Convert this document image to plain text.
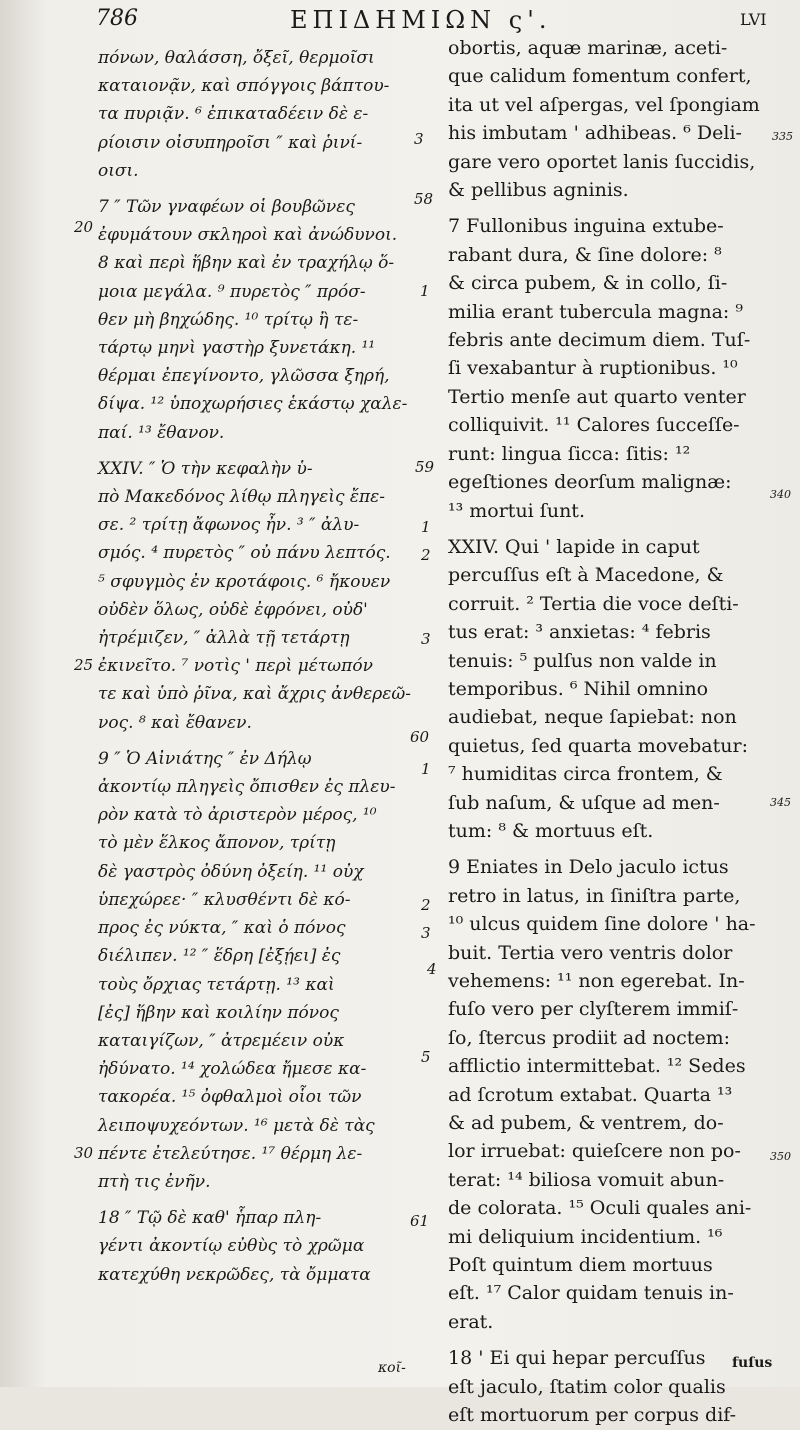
786	ΕΠΙΔΗΜΙΩΝ ς'.	LVI

πόνων, θαλάσση, ὄξεῖ, θερμοῖσι

καταιονᾷν, καὶ σπόγγοις βάπτου-

τα πυριᾷν. ⁶ ἐπικαταδέειν δὲ ε-

ρίοισιν οἰσυπηροῖσι ″ καὶ ῥινί-

οισι.

7 ″ Τῶν γναφέων οἱ βουβῶνες

ἐφυμάτουν σκληροὶ καὶ ἀνώδυνοι.

8 καὶ περὶ ἥβην καὶ ἐν τραχήλῳ ὅ-

μοια μεγάλα. ⁹ πυρετὸς ″ πρόσ-

θεν μὴ βηχώδης. ¹⁰ τρίτῳ ἢ τε-

τάρτῳ μηνὶ γαστὴρ ξυνετάκη. ¹¹

θέρμαι ἐπεγίνοντο, γλῶσσα ξηρή,

δίψα. ¹² ὑποχωρήσιες ἑκάστῳ χαλε-

παί. ¹³ ἔθανον.

XXIV. ″ Ὁ τὴν κεφαλὴν ὑ-

πὸ Μακεδόνος λίθῳ πληγεὶς ἔπε-

σε. ² τρίτῃ ἄφωνος ἦν. ³ ″ ἀλυ-

σμός. ⁴ πυρετὸς ″ οὐ πάνυ λεπτός.

⁵ σφυγμὸς ἐν κροτάφοις. ⁶ ἤκουεν

οὐδὲν ὅλως, οὐδὲ ἐφρόνει, οὐδ'

ἠτρέμιζεν, ″ ἀλλὰ τῇ τετάρτῃ

ἐκινεῖτο. ⁷ νοτὶς ' περὶ μέτωπόν

τε καὶ ὑπὸ ῥῖνα, καὶ ἄχρις ἀνθερεῶ-

νος. ⁸ καὶ ἔθανεν.

9 ″ Ὁ Αἰνιάτης ″ ἐν Δήλῳ

ἀκοντίῳ πληγεὶς ὄπισθεν ἐς πλευ-

ρὸν κατὰ τὸ ἀριστερὸν μέρος, ¹⁰

τὸ μὲν ἕλκος ἄπονον, τρίτῃ

δὲ γαστρὸς ὀδύνη ὀξείη. ¹¹ οὐχ

ὑπεχώρεε· ″ κλυσθέντι δὲ κό-

προς ἐς νύκτα, ″ καὶ ὁ πόνος

διέλιπεν. ¹² ″ ἕδρη [ἐξῄει] ἐς

τοὺς ὄρχιας τετάρτῃ. ¹³ καὶ

[ἐς] ἥβην καὶ κοιλίην πόνος

καταιγίζων, ″ ἀτρεμέειν οὐκ

ἠδύνατο. ¹⁴ χολώδεα ἤμεσε κα-

τακορέα. ¹⁵ ὀφθαλμοὶ οἷοι τῶν

λειποψυχεόντων. ¹⁶ μετὰ δὲ τὰς

πέντε ἐτελεύτησε. ¹⁷ θέρμη λε-

πτὴ τις ἐνῆν.

18 ″ Τῷ δὲ καθ' ἧπαρ πλη-

γέντι ἀκοντίῳ εὐθὺς τὸ χρῶμα

κατεχύθη νεκρῶδες, τὰ ὄμματα

obortis, aquæ marinæ, aceti-

que calidum fomentum confert,

ita ut vel aſpergas, vel ſpongiam

his imbutam ' adhibeas. ⁶ Deli-

gare vero oportet lanis ſuccidis,

& pellibus agninis.

7 Fullonibus inguina extube-

rabant dura, & ſine dolore: ⁸

& circa pubem, & in collo, ſi-

milia erant tubercula magna: ⁹

febris ante decimum diem. Tuſ-

ſi vexabantur à ruptionibus. ¹⁰

Tertio menſe aut quarto venter

colliquivit. ¹¹ Calores ſucceſſe-

runt: lingua ſicca: ſitis: ¹²

egeſtiones deorſum malignæ:

¹³ mortui ſunt.

XXIV. Qui ' lapide in caput

percuſſus eſt à Macedone, &

corruit. ² Tertia die voce deſti-

tus erat: ³ anxietas: ⁴ febris

tenuis: ⁵ pulſus non valde in

temporibus. ⁶ Nihil omnino

audiebat, neque ſapiebat: non

quietus, ſed quarta movebatur:

⁷ humiditas circa frontem, &

ſub naſum, & uſque ad men-

tum: ⁸ & mortuus eſt.

9 Eniates in Delo jaculo ictus

retro in latus, in ſiniſtra parte,

¹⁰ ulcus quidem ſine dolore ' ha-

buit. Tertia vero ventris dolor

vehemens: ¹¹ non egerebat. In-

fuſo vero per clyſterem immiſ-

ſo, ſtercus prodiit ad noctem:

afflictio intermittebat. ¹² Sedes

ad ſcrotum extabat. Quarta ¹³

& ad pubem, & ventrem, do-

lor irruebat: quieſcere non po-

terat: ¹⁴ biliosa vomuit abun-

de colorata. ¹⁵ Oculi quales ani-

mi deliquium incidentium. ¹⁶

Poſt quintum diem mortuus

eſt. ¹⁷ Calor quidam tenuis in-

erat.

18 ' Ei qui hepar percuſſus

eſt jaculo, ſtatim color qualis

eſt mortuorum per corpus dif-

3
58
20
1
59
1
2
3
25
60
1
2
3
4
5
30
61
335
340
345
350
κοῖ-	fuſus
